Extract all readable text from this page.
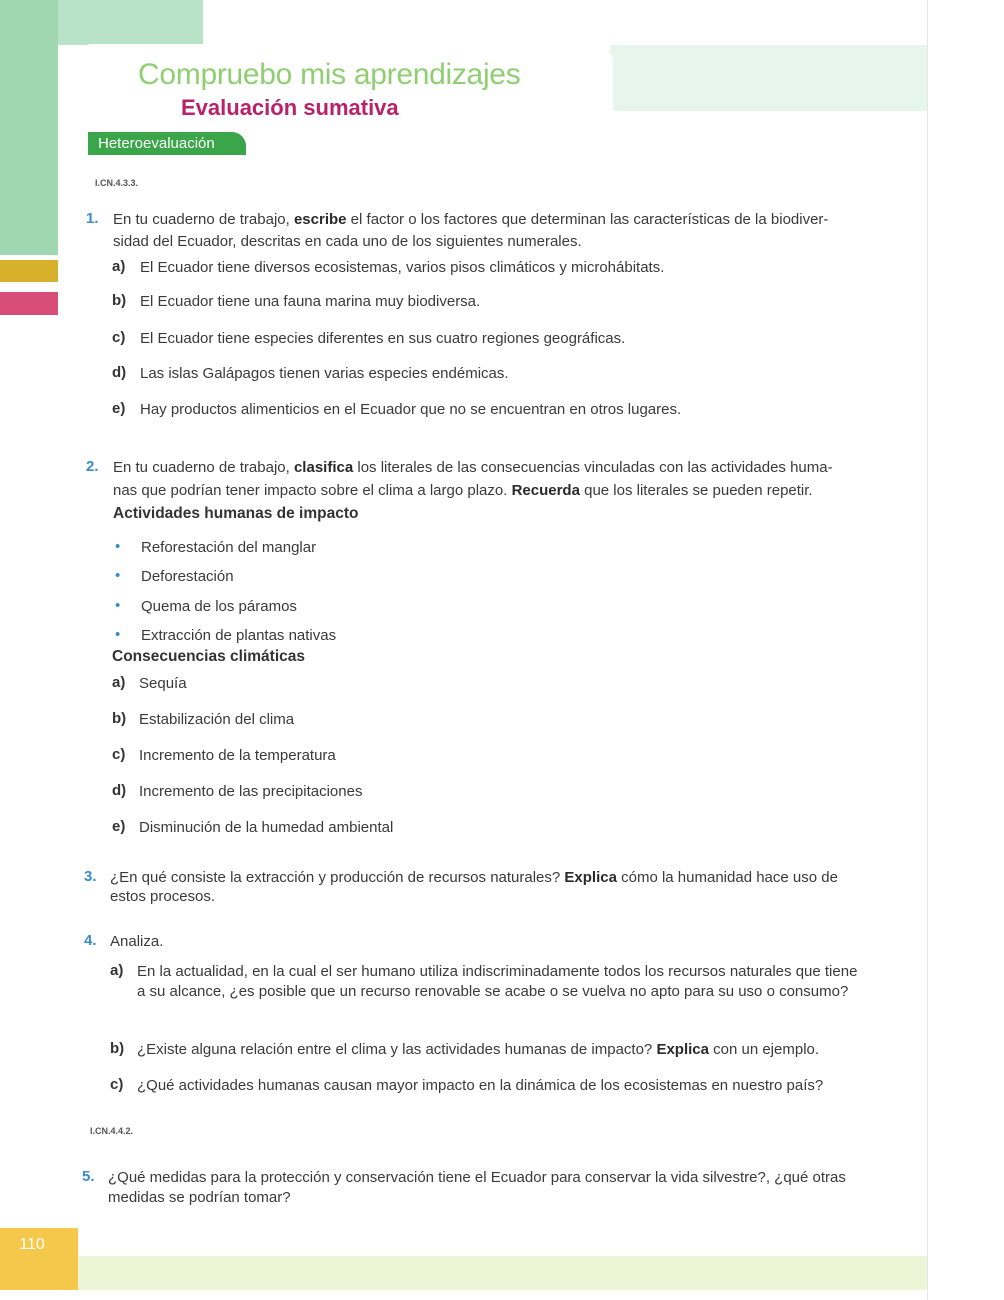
110
Compruebo mis aprendizajes
Evaluación sumativa
Heteroevaluación
I.CN.4.3.3.
1. En tu cuaderno de trabajo, escribe el factor o los factores que determinan las características de la biodiver-
sidad del Ecuador, descritas en cada uno de los siguientes numerales.
a) El Ecuador tiene diversos ecosistemas, varios pisos climáticos y microhábitats.
b) El Ecuador tiene una fauna marina muy biodiversa.
c) El Ecuador tiene especies diferentes en sus cuatro regiones geográficas.
d) Las islas Galápagos tienen varias especies endémicas.
e) Hay productos alimenticios en el Ecuador que no se encuentran en otros lugares.
2. En tu cuaderno de trabajo, clasifica los literales de las consecuencias vinculadas con las actividades huma-
nas que podrían tener impacto sobre el clima a largo plazo. Recuerda que los literales se pueden repetir.
Actividades humanas de impacto
• Reforestación del manglar
• Deforestación
• Quema de los páramos
• Extracción de plantas nativas
Consecuencias climáticas
a) Sequía
b) Estabilización del clima
c) Incremento de la temperatura
d) Incremento de las precipitaciones
e) Disminución de la humedad ambiental
3. ¿En qué consiste la extracción y producción de recursos naturales? Explica cómo la humanidad hace uso de
estos procesos.
4. Analiza.
a) En la actualidad, en la cual el ser humano utiliza indiscriminadamente todos los recursos naturales que tiene a su alcance, ¿es posible que un recurso renovable se acabe o se vuelva no apto para su uso o consumo?
b) ¿Existe alguna relación entre el clima y las actividades humanas de impacto? Explica con un ejemplo.
c) ¿Qué actividades humanas causan mayor impacto en la dinámica de los ecosistemas en nuestro país?
I.CN.4.4.2.
5. ¿Qué medidas para la protección y conservación tiene el Ecuador para conservar la vida silvestre?, ¿qué otras medidas se podrían tomar?
